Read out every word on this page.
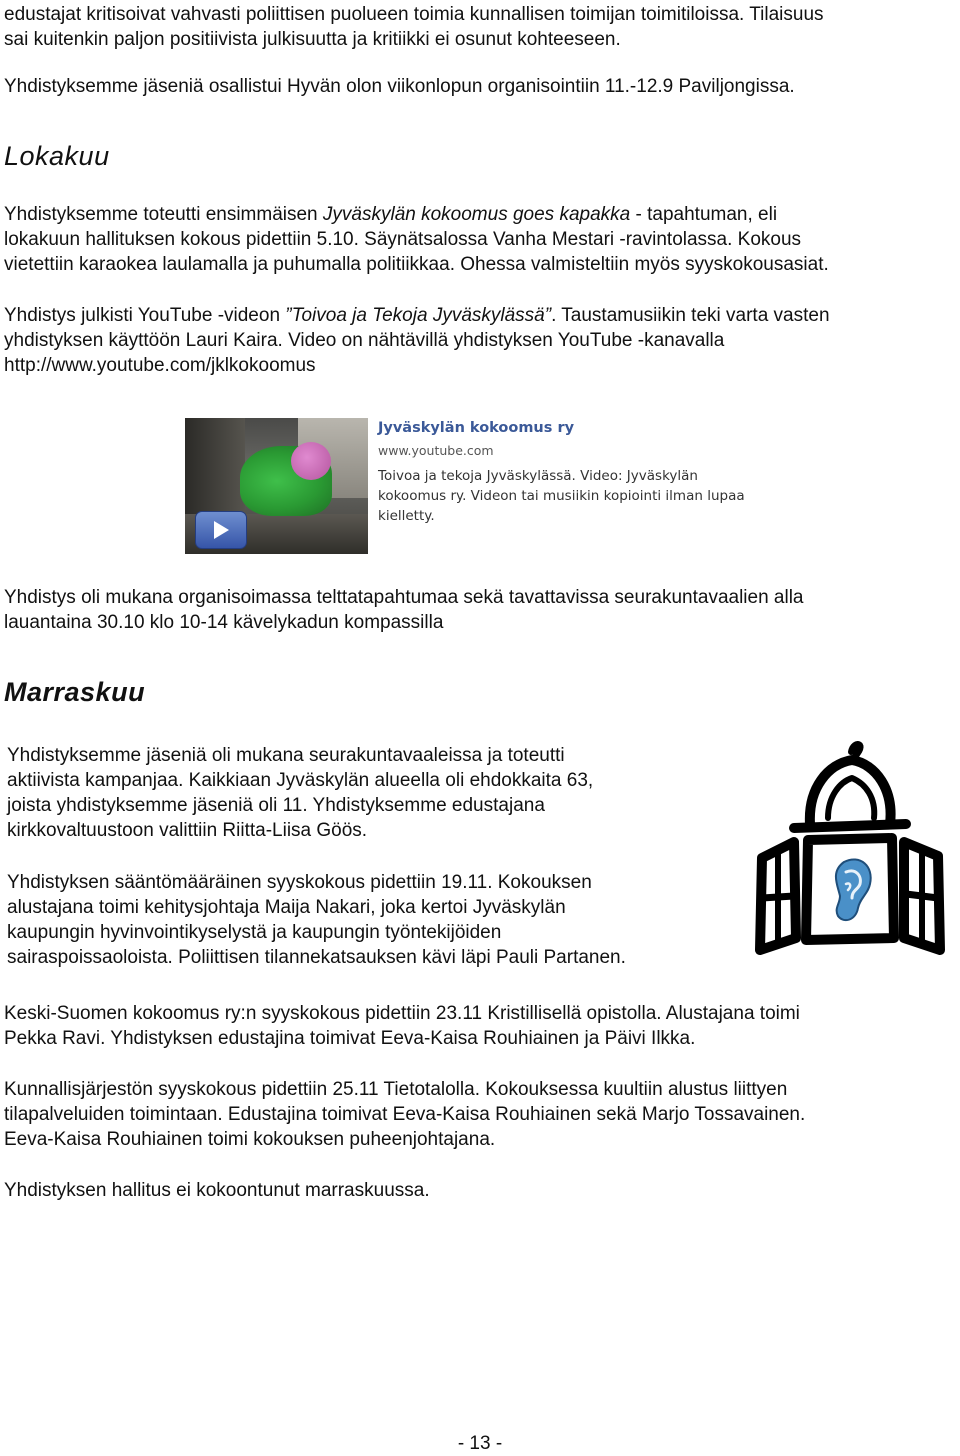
edustajat kritisoivat vahvasti poliittisen puolueen toimia kunnallisen toimijan toimitiloissa. Tilaisuus
sai kuitenkin paljon positiivista julkisuutta ja kritiikki ei osunut kohteeseen.

Yhdistyksemme jäseniä osallistui Hyvän olon viikonlopun organisointiin 11.-12.9 Paviljongissa.

Lokakuu

Yhdistyksemme toteutti ensimmäisen Jyväskylän kokoomus goes kapakka - tapahtuman, eli
lokakuun hallituksen kokous pidettiin 5.10. Säynätsalossa Vanha Mestari -ravintolassa. Kokous
vietettiin karaokea laulamalla ja puhumalla politiikkaa. Ohessa valmisteltiin myös syyskokousasiat.

Yhdistys julkisti YouTube -videon ”Toivoa ja Tekoja Jyväskylässä”. Taustamusiikin teki varta vasten
yhdistyksen käyttöön Lauri Kaira. Video on nähtävillä yhdistyksen YouTube -kanavalla
http://www.youtube.com/jklkokoomus

Jyväskylän kokoomus ry
www.youtube.com
Toivoa ja tekoja Jyväskylässä. Video: Jyväskylän
kokoomus ry. Videon tai musiikin kopiointi ilman lupaa
kielletty.

Yhdistys oli mukana organisoimassa telttatapahtumaa sekä tavattavissa seurakuntavaalien alla
lauantaina 30.10 klo 10-14 kävelykadun kompassilla

Marraskuu

Yhdistyksemme jäseniä oli mukana seurakuntavaaleissa ja toteutti
aktiivista kampanjaa. Kaikkiaan Jyväskylän alueella oli ehdokkaita 63,
joista yhdistyksemme jäseniä oli 11. Yhdistyksemme edustajana
kirkkovaltuustoon valittiin Riitta-Liisa Göös.

Yhdistyksen sääntömääräinen syyskokous pidettiin 19.11. Kokouksen
alustajana toimi kehitysjohtaja Maija Nakari, joka kertoi Jyväskylän
kaupungin hyvinvointikyselystä ja kaupungin työntekijöiden
sairaspoissaoloista. Poliittisen tilannekatsauksen kävi läpi Pauli Partanen.

Keski-Suomen kokoomus ry:n syyskokous pidettiin 23.11 Kristillisellä opistolla. Alustajana toimi
Pekka Ravi. Yhdistyksen edustajina toimivat Eeva-Kaisa Rouhiainen ja Päivi Ilkka.

Kunnallisjärjestön syyskokous pidettiin 25.11 Tietotalolla. Kokouksessa kuultiin alustus liittyen
tilapalveluiden toimintaan. Edustajina toimivat Eeva-Kaisa Rouhiainen sekä Marjo Tossavainen.
Eeva-Kaisa Rouhiainen toimi kokouksen puheenjohtajana.

Yhdistyksen hallitus ei kokoontunut marraskuussa.

- 13 -
